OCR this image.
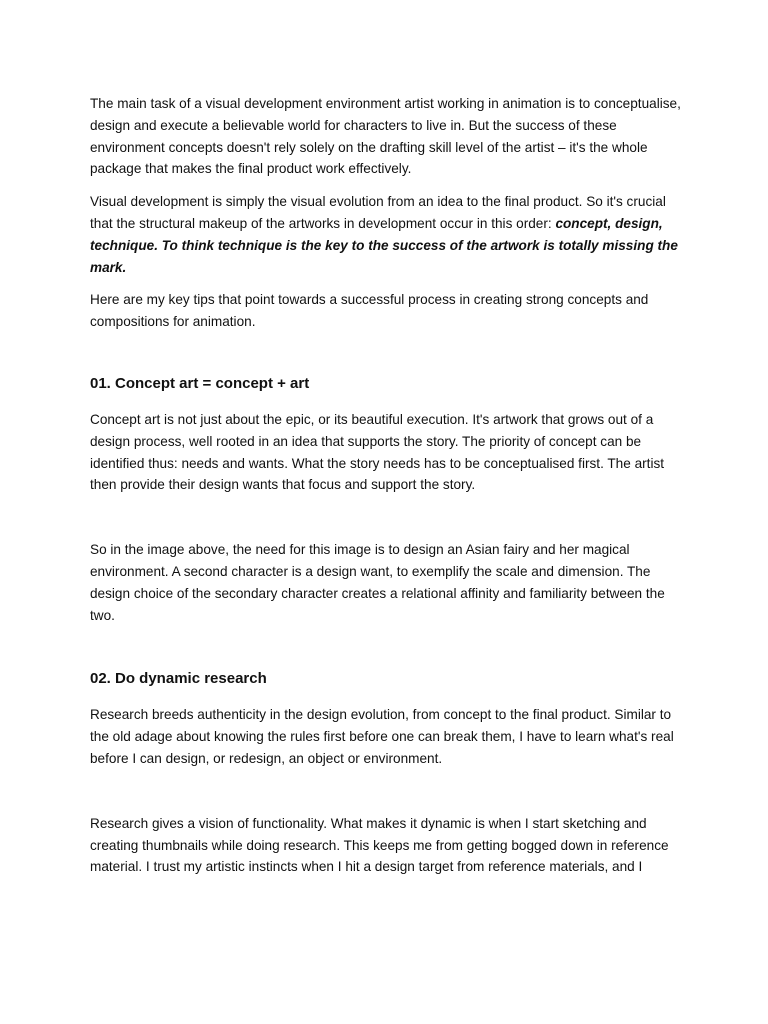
The main task of a visual development environment artist working in animation is to conceptualise, design and execute a believable world for characters to live in. But the success of these environment concepts doesn't rely solely on the drafting skill level of the artist – it's the whole package that makes the final product work effectively.

Visual development is simply the visual evolution from an idea to the final product. So it's crucial that the structural makeup of the artworks in development occur in this order: concept, design, technique. To think technique is the key to the success of the artwork is totally missing the mark.

Here are my key tips that point towards a successful process in creating strong concepts and compositions for animation.

01. Concept art = concept + art

Concept art is not just about the epic, or its beautiful execution. It's artwork that grows out of a design process, well rooted in an idea that supports the story. The priority of concept can be identified thus: needs and wants. What the story needs has to be conceptualised first. The artist then provide their design wants that focus and support the story.

So in the image above, the need for this image is to design an Asian fairy and her magical environment. A second character is a design want, to exemplify the scale and dimension. The design choice of the secondary character creates a relational affinity and familiarity between the two.

02. Do dynamic research

Research breeds authenticity in the design evolution, from concept to the final product. Similar to the old adage about knowing the rules first before one can break them, I have to learn what's real before I can design, or redesign, an object or environment.

Research gives a vision of functionality. What makes it dynamic is when I start sketching and creating thumbnails while doing research. This keeps me from getting bogged down in reference material. I trust my artistic instincts when I hit a design target from reference materials, and I
